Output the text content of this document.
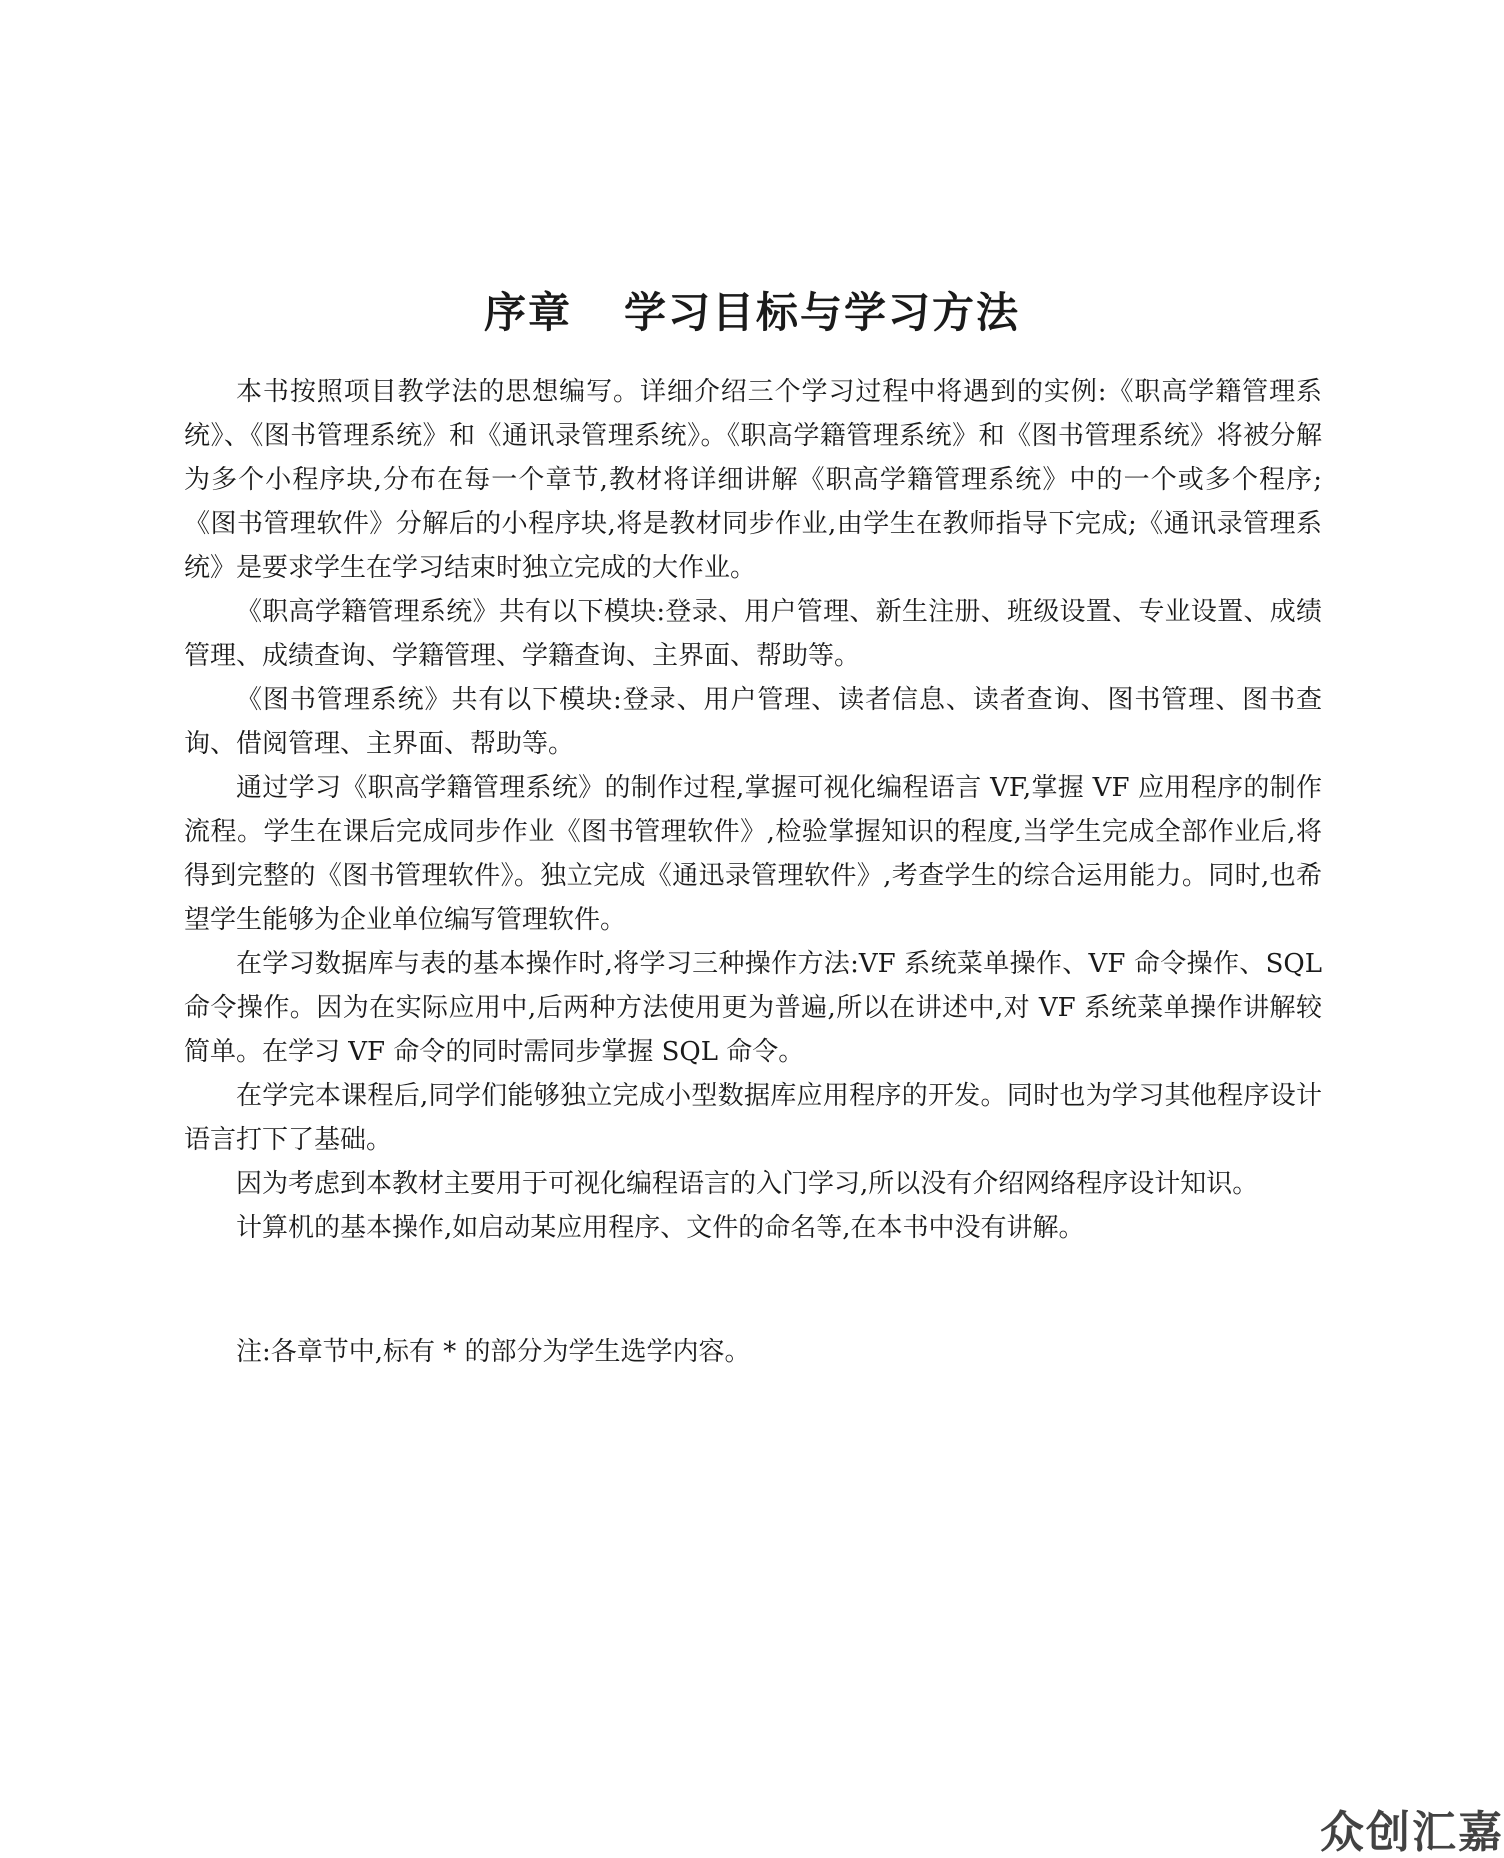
序章 学习目标与学习方法

本书按照项目教学法的思想编写。详细介绍三个学习过程中将遇到的实例:《职高学籍管理系统》、《图书管理系统》和《通讯录管理系统》。《职高学籍管理系统》和《图书管理系统》将被分解为多个小程序块,分布在每一个章节,教材将详细讲解《职高学籍管理系统》中的一个或多个程序;《图书管理软件》分解后的小程序块,将是教材同步作业,由学生在教师指导下完成;《通讯录管理系统》是要求学生在学习结束时独立完成的大作业。

《职高学籍管理系统》共有以下模块:登录、用户管理、新生注册、班级设置、专业设置、成绩管理、成绩查询、学籍管理、学籍查询、主界面、帮助等。

《图书管理系统》共有以下模块:登录、用户管理、读者信息、读者查询、图书管理、图书查询、借阅管理、主界面、帮助等。

通过学习《职高学籍管理系统》的制作过程,掌握可视化编程语言 VF,掌握 VF 应用程序的制作流程。学生在课后完成同步作业《图书管理软件》,检验掌握知识的程度,当学生完成全部作业后,将得到完整的《图书管理软件》。独立完成《通迅录管理软件》,考查学生的综合运用能力。同时,也希望学生能够为企业单位编写管理软件。

在学习数据库与表的基本操作时,将学习三种操作方法:VF 系统菜单操作、VF 命令操作、SQL 命令操作。因为在实际应用中,后两种方法使用更为普遍,所以在讲述中,对 VF 系统菜单操作讲解较简单。在学习 VF 命令的同时需同步掌握 SQL 命令。

在学完本课程后,同学们能够独立完成小型数据库应用程序的开发。同时也为学习其他程序设计语言打下了基础。

因为考虑到本教材主要用于可视化编程语言的入门学习,所以没有介绍网络程序设计知识。

计算机的基本操作,如启动某应用程序、文件的命名等,在本书中没有讲解。

注:各章节中,标有 * 的部分为学生选学内容。

众创汇嘉
